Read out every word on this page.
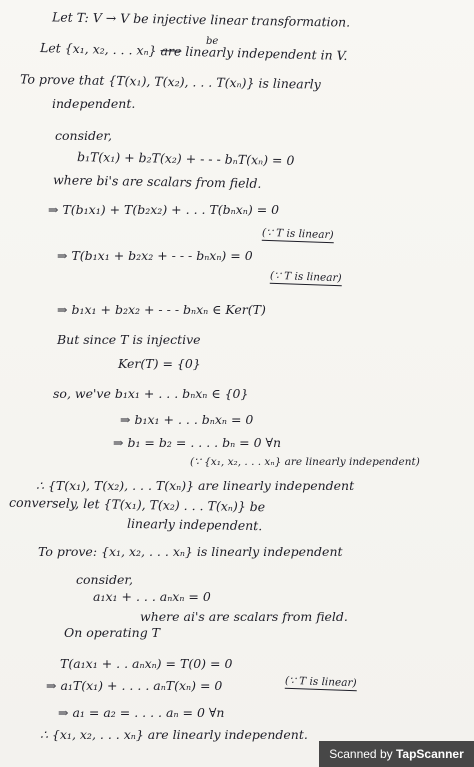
Let T: V → V be injective linear transformation.
Let {x₁, x₂, . . . xₙ} are linearly independent in V.
be
To prove that {T(x₁), T(x₂), . . . T(xₙ)} is linearly
independent.
consider,
b₁T(x₁) + b₂T(x₂) + - - - bₙT(xₙ) = 0
where bi's are scalars from field.
⇒ T(b₁x₁) + T(b₂x₂) + . . . T(bₙxₙ) = 0
(∵ T is linear)
⇒ T(b₁x₁ + b₂x₂ + - - - bₙxₙ) = 0
(∵ T is linear)
⇒ b₁x₁ + b₂x₂ + - - - bₙxₙ ∈ Ker(T)
But since T is injective
Ker(T) = {0}
so, we've b₁x₁ + . . . bₙxₙ ∈ {0}
⇒ b₁x₁ + . . . bₙxₙ = 0
⇒ b₁ = b₂ = . . . . bₙ = 0 ∀n
(∵ {x₁, x₂, . . . xₙ} are linearly independent)
∴ {T(x₁), T(x₂), . . . T(xₙ)} are linearly independent
conversely, let {T(x₁), T(x₂) . . . T(xₙ)} be
linearly independent.
To prove: {x₁, x₂, . . . xₙ} is linearly independent
consider,
a₁x₁ + . . . aₙxₙ = 0
where ai's are scalars from field.
On operating T
T(a₁x₁ + . . aₙxₙ) = T(0) = 0
⇒ a₁T(x₁) + . . . . aₙT(xₙ) = 0	(∵ T is linear)
⇒ a₁ = a₂ = . . . . aₙ = 0 ∀n
∴ {x₁, x₂, . . . xₙ} are linearly independent.
Scanned by TapScanner
